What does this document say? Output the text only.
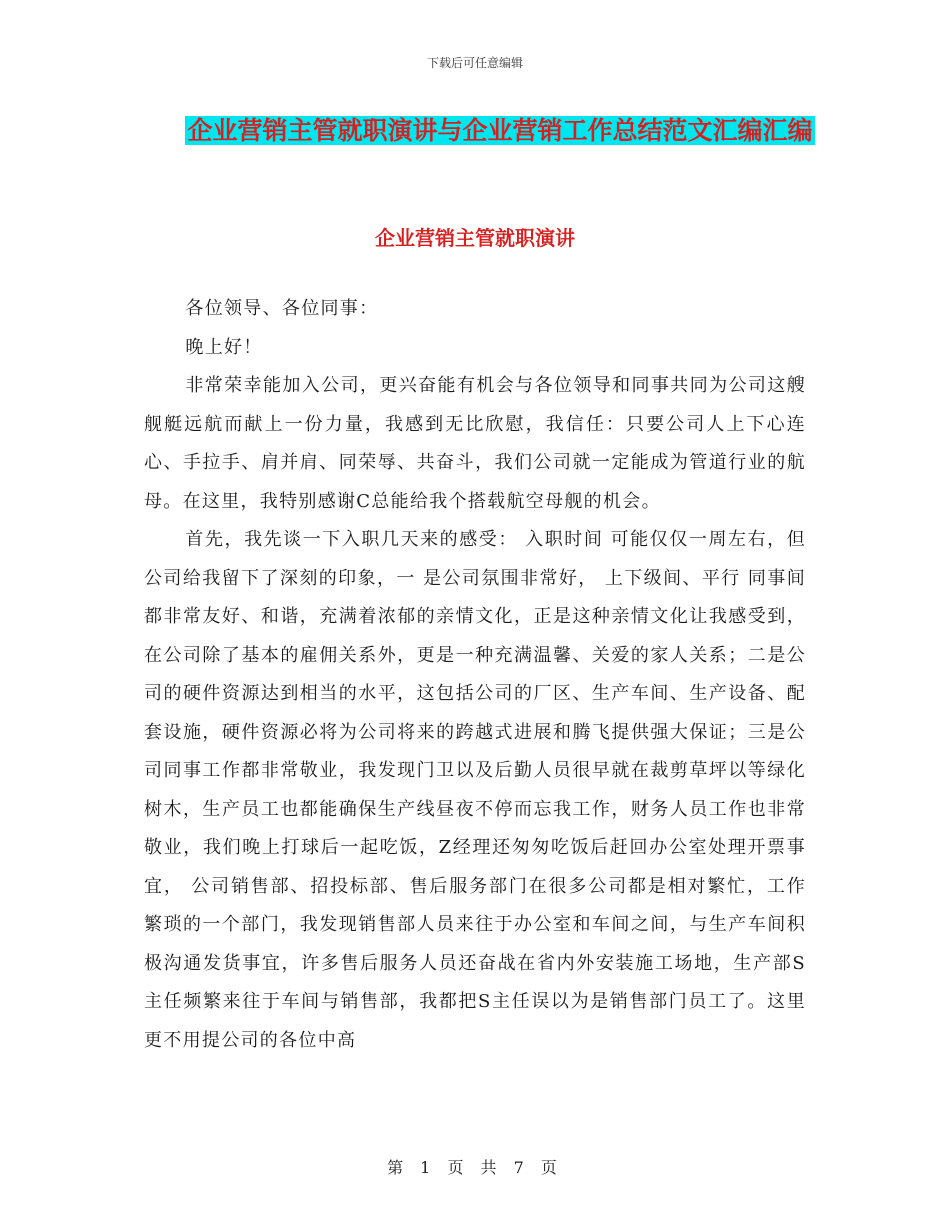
下载后可任意编辑
企业营销主管就职演讲与企业营销工作总结范文汇编汇编
企业营销主管就职演讲

各位领导、各位同事：

晚上好！

非常荣幸能加入公司，更兴奋能有机会与各位领导和同事共同为公司这艘舰艇远航而献上一份力量，我感到无比欣慰，我信任：只要公司人上下心连心、手拉手、肩并肩、同荣辱、共奋斗，我们公司就一定能成为管道行业的航母。在这里，我特别感谢C总能给我个搭载航空母舰的机会。

首先，我先谈一下入职几天来的感受： 入职时间 可能仅仅一周左右，但公司给我留下了深刻的印象，一 是公司氛围非常好， 上下级间、平行 同事间都非常友好、和谐，充满着浓郁的亲情文化，正是这种亲情文化让我感受到，在公司除了基本的雇佣关系外，更是一种充满温馨、关爱的家人关系；二是公司的硬件资源达到相当的水平，这包括公司的厂区、生产车间、生产设备、配套设施，硬件资源必将为公司将来的跨越式进展和腾飞提供强大保证；三是公司同事工作都非常敬业，我发现门卫以及后勤人员很早就在裁剪草坪以等绿化树木，生产员工也都能确保生产线昼夜不停而忘我工作，财务人员工作也非常敬业，我们晚上打球后一起吃饭，Z经理还匆匆吃饭后赶回办公室处理开票事宜， 公司销售部、招投标部、售后服务部门在很多公司都是相对繁忙，工作繁琐的一个部门，我发现销售部人员来往于办公室和车间之间，与生产车间积极沟通发货事宜，许多售后服务人员还奋战在省内外安装施工场地，生产部S主任频繁来往于车间与销售部，我都把S主任误以为是销售部门员工了。这里更不用提公司的各位中高

第 1 页 共 7 页
